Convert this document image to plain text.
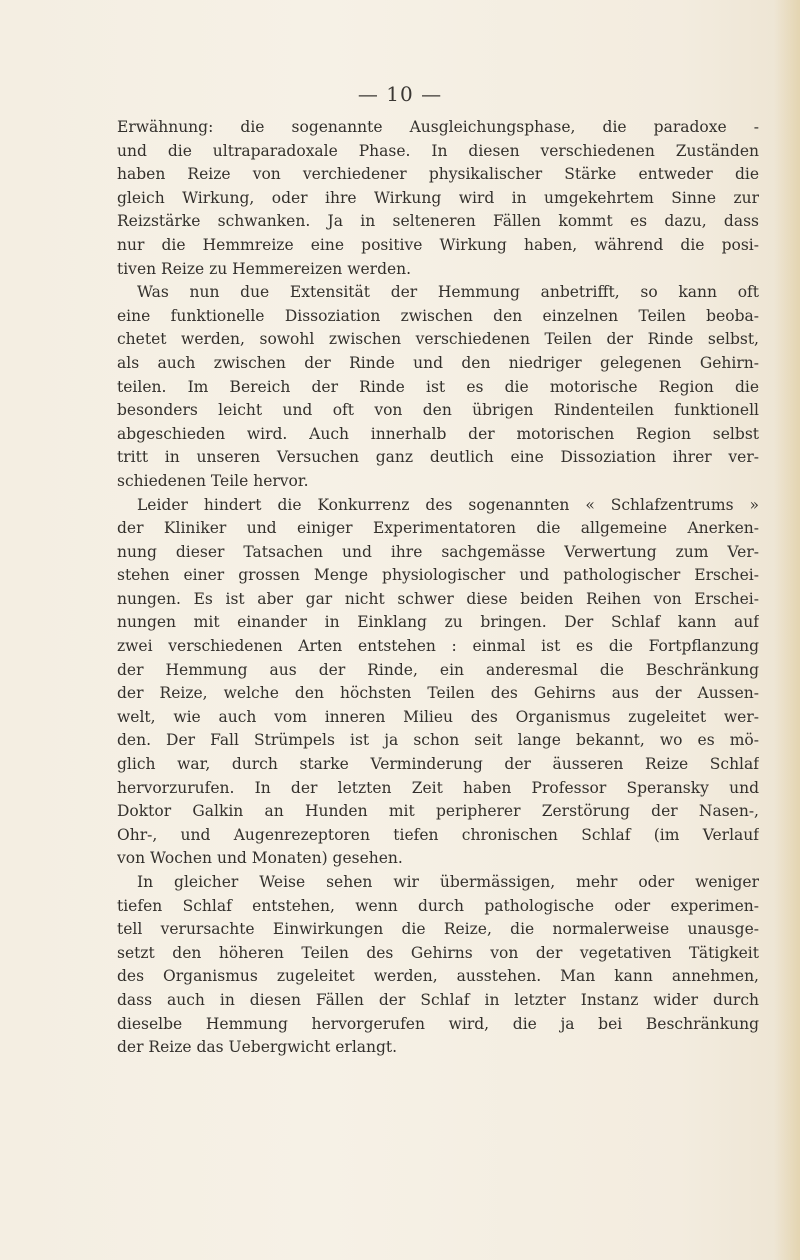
— 10 —
Erwähnung: die sogenannte Ausgleichungsphase, die paradoxe -
und die ultraparadoxale Phase. In diesen verschiedenen Zuständen
haben Reize von verchiedener physikalischer Stärke entweder die
gleich Wirkung, oder ihre Wirkung wird in umgekehrtem Sinne zur
Reizstärke schwanken. Ja in selteneren Fällen kommt es dazu, dass
nur die Hemmreize eine positive Wirkung haben, während die posi-
tiven Reize zu Hemmereizen werden.
Was nun due Extensität der Hemmung anbetrifft, so kann oft
eine funktionelle Dissoziation zwischen den einzelnen Teilen beoba-
chetet werden, sowohl zwischen verschiedenen Teilen der Rinde selbst,
als auch zwischen der Rinde und den niedriger gelegenen Gehirn-
teilen. Im Bereich der Rinde ist es die motorische Region die
besonders leicht und oft von den übrigen Rindenteilen funktionell
abgeschieden wird. Auch innerhalb der motorischen Region selbst
tritt in unseren Versuchen ganz deutlich eine Dissoziation ihrer ver-
schiedenen Teile hervor.
Leider hindert die Konkurrenz des sogenannten « Schlafzentrums »
der Kliniker und einiger Experimentatoren die allgemeine Anerken-
nung dieser Tatsachen und ihre sachgemässe Verwertung zum Ver-
stehen einer grossen Menge physiologischer und pathologischer Erschei-
nungen. Es ist aber gar nicht schwer diese beiden Reihen von Erschei-
nungen mit einander in Einklang zu bringen. Der Schlaf kann auf
zwei verschiedenen Arten entstehen : einmal ist es die Fortpflanzung
der Hemmung aus der Rinde, ein anderesmal die Beschränkung
der Reize, welche den höchsten Teilen des Gehirns aus der Aussen-
welt, wie auch vom inneren Milieu des Organismus zugeleitet wer-
den. Der Fall Strümpels ist ja schon seit lange bekannt, wo es mö-
glich war, durch starke Verminderung der äusseren Reize Schlaf
hervorzurufen. In der letzten Zeit haben Professor Speransky und
Doktor Galkin an Hunden mit peripherer Zerstörung der Nasen-,
Ohr-, und Augenrezeptoren tiefen chronischen Schlaf (im Verlauf
von Wochen und Monaten) gesehen.
In gleicher Weise sehen wir übermässigen, mehr oder weniger
tiefen Schlaf entstehen, wenn durch pathologische oder experimen-
tell verursachte Einwirkungen die Reize, die normalerweise unausge-
setzt den höheren Teilen des Gehirns von der vegetativen Tätigkeit
des Organismus zugeleitet werden, ausstehen. Man kann annehmen,
dass auch in diesen Fällen der Schlaf in letzter Instanz wider durch
dieselbe Hemmung hervorgerufen wird, die ja bei Beschränkung
der Reize das Uebergwicht erlangt.
